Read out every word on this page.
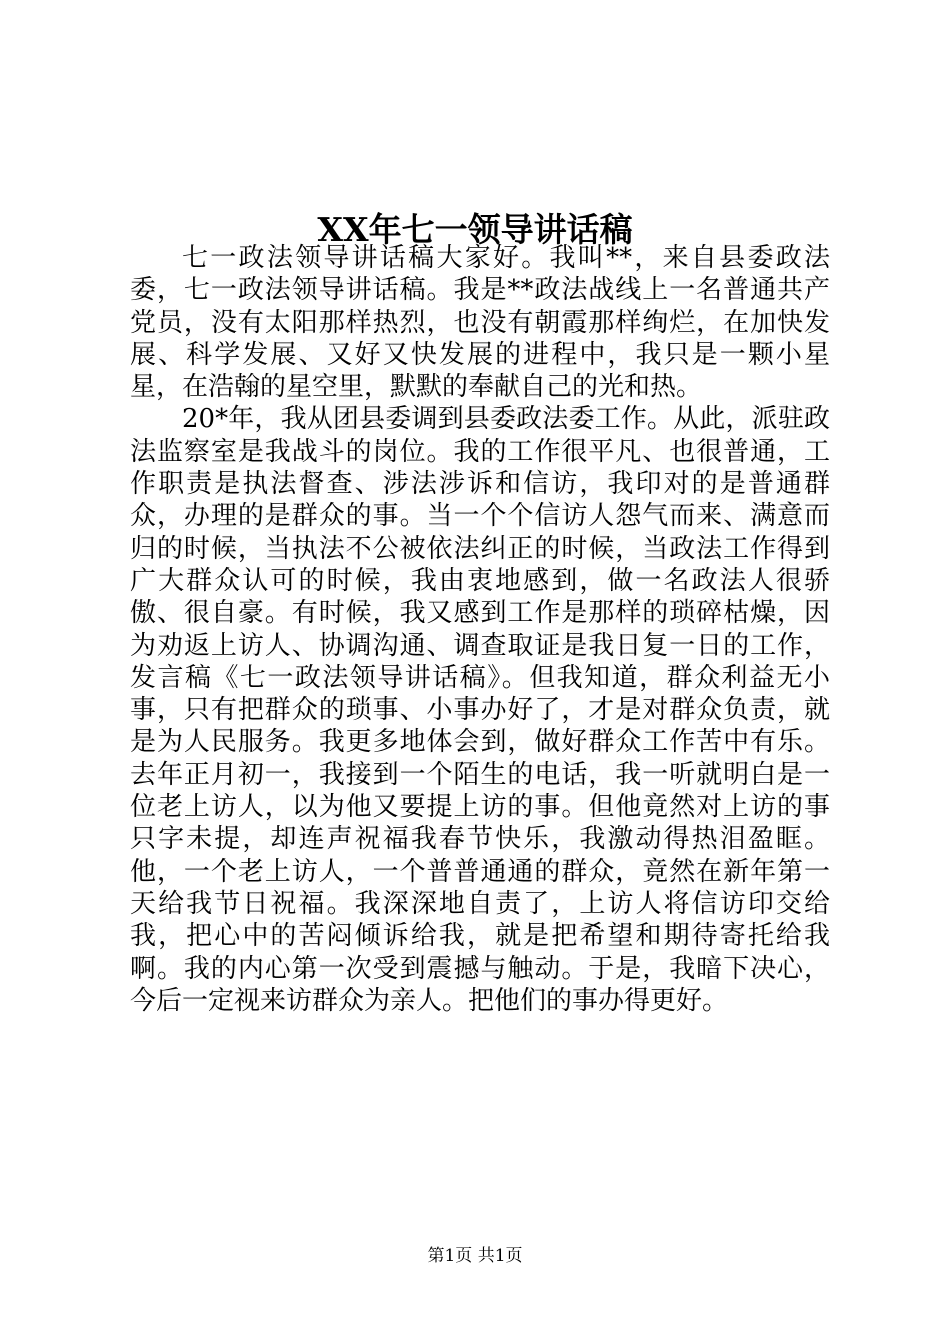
XX年七一领导讲话稿

七一政法领导讲话稿大家好。我叫**，来自县委政法委，七一政法领导讲话稿。我是**政法战线上一名普通共产党员，没有太阳那样热烈，也没有朝霞那样绚烂，在加快发展、科学发展、又好又快发展的进程中，我只是一颗小星星，在浩翰的星空里，默默的奉献自己的光和热。

20*年，我从团县委调到县委政法委工作。从此，派驻政法监察室是我战斗的岗位。我的工作很平凡、也很普通，工作职责是执法督查、涉法涉诉和信访，我印对的是普通群众，办理的是群众的事。当一个个信访人怨气而来、满意而归的时候，当执法不公被依法纠正的时候，当政法工作得到广大群众认可的时候，我由衷地感到，做一名政法人很骄傲、很自豪。有时候，我又感到工作是那样的琐碎枯燥，因为劝返上访人、协调沟通、调查取证是我日复一日的工作，发言稿《七一政法领导讲话稿》。但我知道，群众利益无小事，只有把群众的琐事、小事办好了，才是对群众负责，就是为人民服务。我更多地体会到，做好群众工作苦中有乐。去年正月初一，我接到一个陌生的电话，我一听就明白是一位老上访人，以为他又要提上访的事。但他竟然对上访的事只字未提，却连声祝福我春节快乐，我激动得热泪盈眶。他，一个老上访人，一个普普通通的群众，竟然在新年第一天给我节日祝福。我深深地自责了，上访人将信访印交给我，把心中的苦闷倾诉给我，就是把希望和期待寄托给我啊。我的内心第一次受到震撼与触动。于是，我暗下决心，今后一定视来访群众为亲人。把他们的事办得更好。

第1页 共1页
